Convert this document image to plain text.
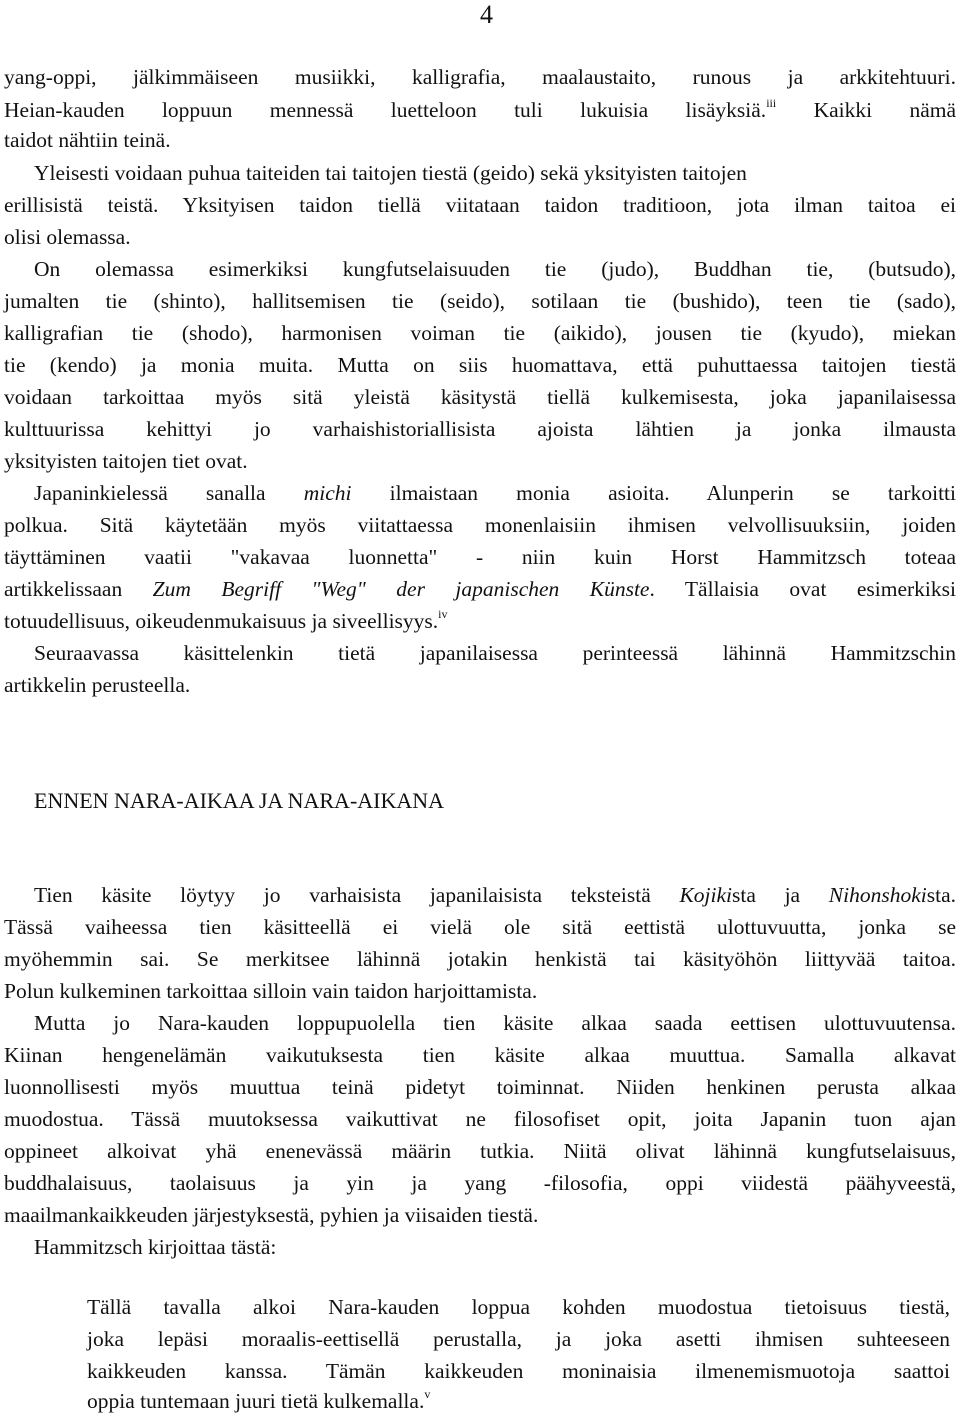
4
yang-oppi, jälkimmäiseen musiikki, kalligrafia, maalaustaito, runous ja arkkitehtuuri.
Heian-kauden loppuun mennessä luetteloon tuli lukuisia lisäyksiä.$^{iii}$ Kaikki nämä
taidot nähtiin teinä.
Yleisesti voidaan puhua taiteiden tai taitojen tiestä (geido) sekä yksityisten taitojen
erillisistä teistä. Yksityisen taidon tiellä viitataan taidon traditioon, jota ilman taitoa ei
olisi olemassa.
On olemassa esimerkiksi kungfutselaisuuden tie (judo), Buddhan tie, (butsudo),
jumalten tie (shinto), hallitsemisen tie (seido), sotilaan tie (bushido), teen tie (sado),
kalligrafian tie (shodo), harmonisen voiman tie (aikido), jousen tie (kyudo), miekan
tie (kendo) ja monia muita. Mutta on siis huomattava, että puhuttaessa taitojen tiestä
voidaan tarkoittaa myös sitä yleistä käsitystä tiellä kulkemisesta, joka japanilaisessa
kulttuurissa kehittyi jo varhaishistoriallisista ajoista lähtien ja jonka ilmausta
yksityisten taitojen tiet ovat.
Japaninkielessä sanalla michi ilmaistaan monia asioita. Alunperin se tarkoitti
polkua. Sitä käytetään myös viitattaessa monenlaisiin ihmisen velvollisuuksiin, joiden
täyttäminen vaatii "vakavaa luonnetta" - niin kuin Horst Hammitzsch toteaa
artikkelissaan Zum Begriff "Weg" der japanischen Künste. Tällaisia ovat esimerkiksi
totuudellisuus, oikeudenmukaisuus ja siveellisyys.$^{iv}$
Seuraavassa käsittelenkin tietä japanilaisessa perinteessä lähinnä Hammitzschin
artikkelin perusteella.
ENNEN NARA-AIKAA JA NARA-AIKANA
Tien käsite löytyy jo varhaisista japanilaisista teksteistä Kojikista ja Nihonshokista.
Tässä vaiheessa tien käsitteellä ei vielä ole sitä eettistä ulottuvuutta, jonka se
myöhemmin sai. Se merkitsee lähinnä jotakin henkistä tai käsityöhön liittyvää taitoa.
Polun kulkeminen tarkoittaa silloin vain taidon harjoittamista.
Mutta jo Nara-kauden loppupuolella tien käsite alkaa saada eettisen ulottuvuutensa.
Kiinan hengenelämän vaikutuksesta tien käsite alkaa muuttua. Samalla alkavat
luonnollisesti myös muuttua teinä pidetyt toiminnat. Niiden henkinen perusta alkaa
muodostua. Tässä muutoksessa vaikuttivat ne filosofiset opit, joita Japanin tuon ajan
oppineet alkoivat yhä enenevässä määrin tutkia. Niitä olivat lähinnä kungfutselaisuus,
buddhalaisuus, taolaisuus ja yin ja yang -filosofia, oppi viidestä päähyveestä,
maailmankaikkeuden järjestyksestä, pyhien ja viisaiden tiestä.
Hammitzsch kirjoittaa tästä:
Tällä tavalla alkoi Nara-kauden loppua kohden muodostua tietoisuus tiestä,
joka lepäsi moraalis-eettisellä perustalla, ja joka asetti ihmisen suhteeseen
kaikkeuden kanssa. Tämän kaikkeuden moninaisia ilmenemismuotoja saattoi
oppia tuntemaan juuri tietä kulkemalla.$^v$
